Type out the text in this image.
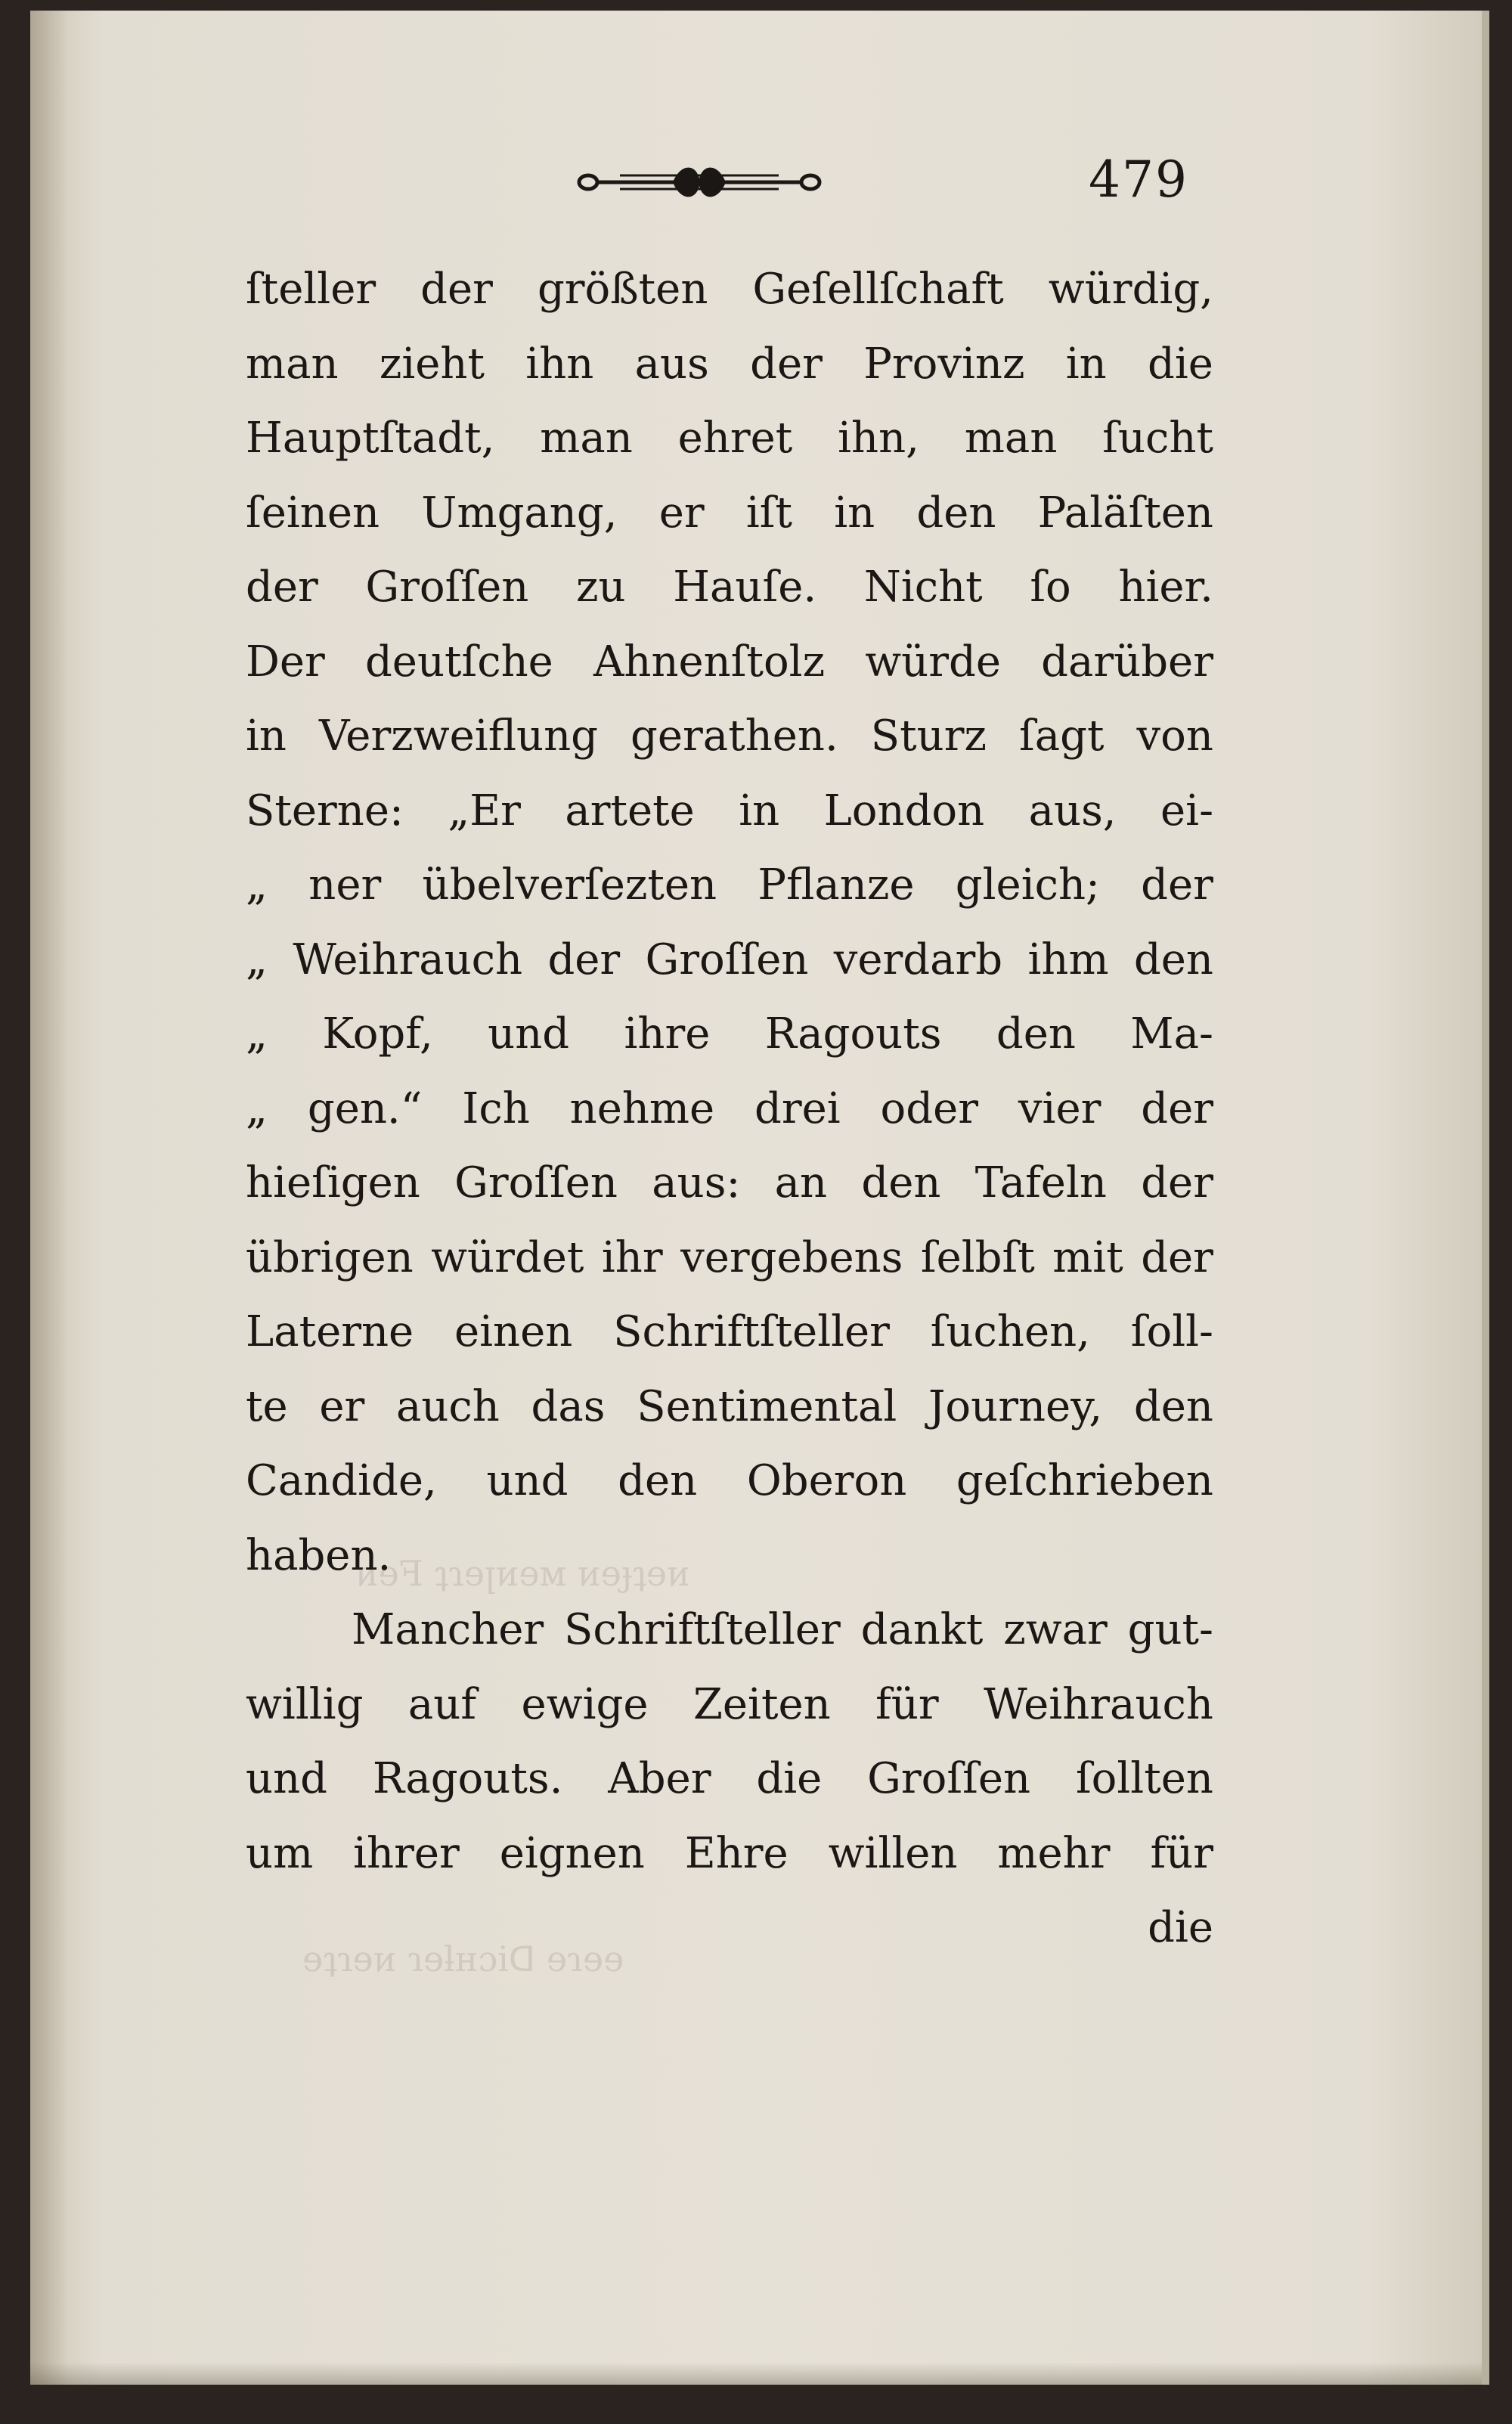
479
ſteller der größten Geſellſchaft würdig,
man zieht ihn aus der Provinz in die
Hauptſtadt, man ehret ihn, man ſucht
ſeinen Umgang, er iſt in den Paläſten
der Groſſen zu Hauſe. Nicht ſo hier.
Der deutſche Ahnenſtolz würde darüber
in Verzweiflung gerathen. Sturz ſagt von
Sterne: „Er artete in London aus, ei-
„ ner übelverſezten Pflanze gleich; der
„ Weihrauch der Groſſen verdarb ihm den
„ Kopf, und ihre Ragouts den Ma-
„ gen.“ Ich nehme drei oder vier der
hieſigen Groſſen aus: an den Tafeln der
übrigen würdet ihr vergebens ſelbſt mit der
Laterne einen Schriftſteller ſuchen, ſoll-
te er auch das Sentimental Journey, den
Candide, und den Oberon geſchrieben
haben.
Mancher Schriftſteller dankt zwar gut-
willig auf ewige Zeiten für Weihrauch
und Ragouts. Aber die Groſſen ſollten
um ihrer eignen Ehre willen mehr für
die
ᴎɘꟻ ʇɿɘꞁᴎɘᴍ ᴎɘɟʇɘᴎ
ɘʇɿɘᴎ ɿɘƚʜɔiᗡ ɘɿɘɘ
